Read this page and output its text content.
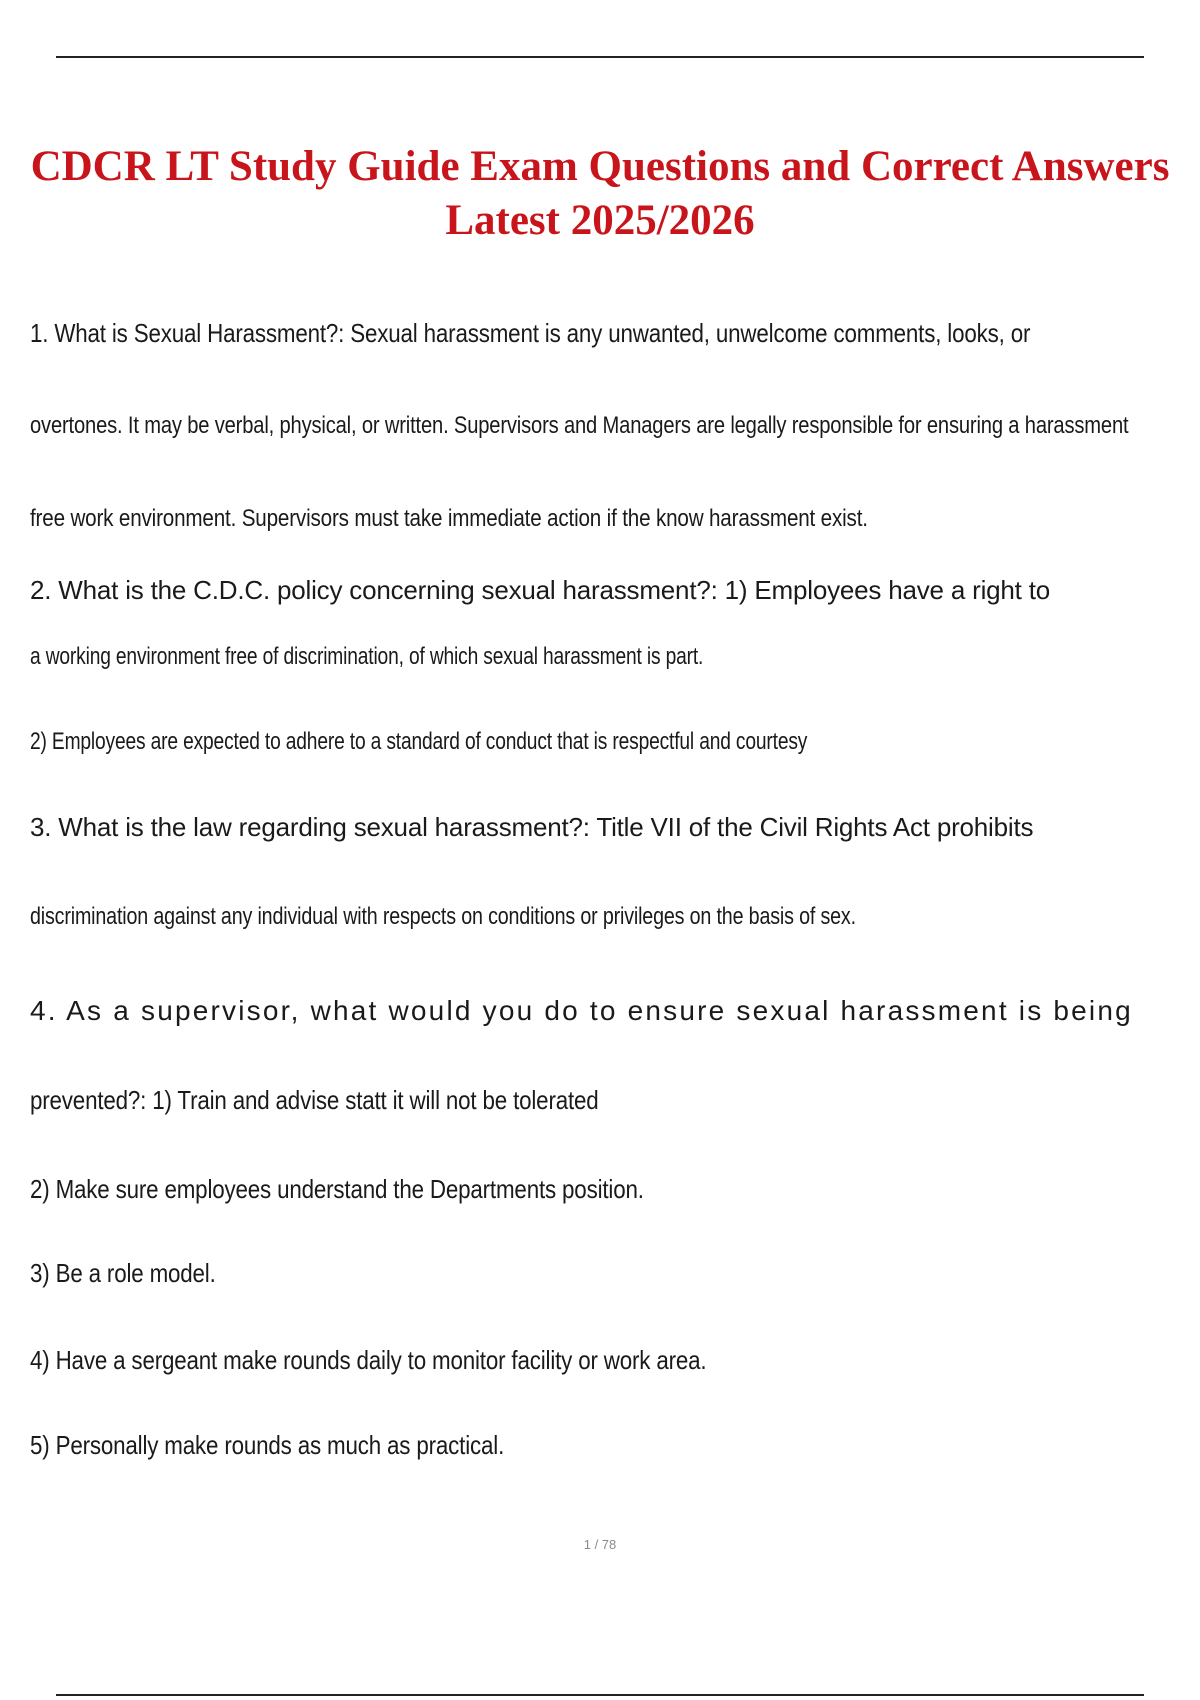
CDCR LT Study Guide Exam Questions and Correct Answers
Latest 2025/2026

1. What is Sexual Harassment?: Sexual harassment is any unwanted, unwelcome comments, looks, or

overtones. It may be verbal, physical, or written. Supervisors and Managers are legally responsible for ensuring a harassment

free work environment. Supervisors must take immediate action if the know harassment exist.

2. What is the C.D.C. policy concerning sexual harassment?: 1) Employees have a right to

a working environment free of discrimination, of which sexual harassment is part.

2) Employees are expected to adhere to a standard of conduct that is respectful and courtesy

3. What is the law regarding sexual harassment?: Title VII of the Civil Rights Act prohibits

discrimination against any individual with respects on conditions or privileges on the basis of sex.

4. As a supervisor, what would you do to ensure sexual harassment is being

prevented?: 1) Train and advise statt it will not be tolerated

2) Make sure employees understand the Departments position.

3) Be a role model.

4) Have a sergeant make rounds daily to monitor facility or work area.

5) Personally make rounds as much as practical.

1 / 78
